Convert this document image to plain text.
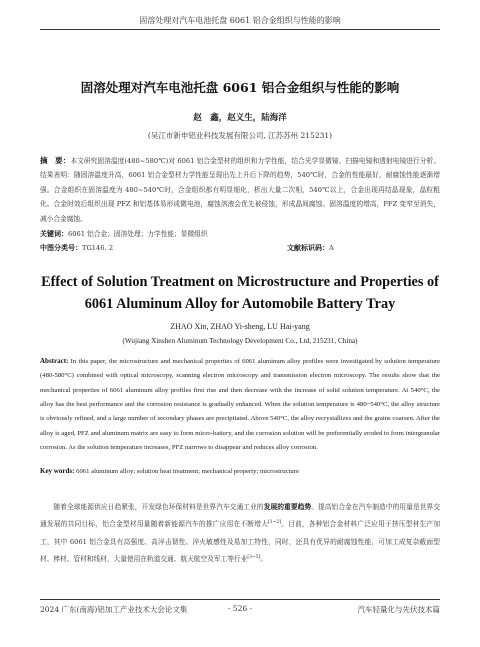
固溶处理对汽车电池托盘 6061 铝合金组织与性能的影响
固溶处理对汽车电池托盘 6061 铝合金组织与性能的影响
赵　鑫，赵义生，陆海洋
(吴江市新申铝业科技发展有限公司, 江苏苏州 215231)
摘　要：本文研究固溶温度(480~580℃)对 6061 铝合金型材的组织和力学性能，结合光学显微镜、扫描电镜和透射电镜进行分析。结果表明：随固溶温度升高，6061 铝合金型材力学性能呈现出先上升后下降的趋势，540℃时，合金的性能最好，耐腐蚀性能逐渐增强。合金组织在固溶温度为 480~540℃时，合金组织都有明显细化，析出大量二次相，540℃以上，合金出现再结晶现象，晶粒粗化。合金时效后组织出现 PFZ 和铝基体易形成微电池，腐蚀溶液会优先被侵蚀，形成晶间腐蚀。固溶温度的增高，PFZ 变窄至消失，减小合金腐蚀。
关键词：6061 铝合金；固溶处理；力学性能；显微组织
中图分类号：TG146. 2	文献标识码：A
Effect of Solution Treatment on Microstructure and Properties of 6061 Aluminum Alloy for Automobile Battery Tray
ZHAO Xin, ZHAO Yi-sheng, LU Hai-yang
(Wujiang Xinshen Aluminum Technology Development Co., Ltd, 215231, China)
Abstract: In this paper, the microstructure and mechanical properties of 6061 aluminum alloy profiles were investigated by solution temperature (480-580°C) combined with optical microscopy, scanning electron microscopy and transmission electron microscopy. The results show that the mechanical properties of 6061 aluminum alloy profiles first rise and then decrease with the increase of solid solution temperature. At 540°C, the alloy has the best performance and the corrosion resistance is gradually enhanced. When the solution temperature is 480~540°C, the alloy structure is obviously refined, and a large number of secondary phases are precipitated. Above 540°C, the alloy recrystallizes and the grains coarsen. After the alloy is aged, PFZ and aluminum matrix are easy to form micro-battery, and the corrosion solution will be preferentially eroded to form intergranular corrosion. As the solution temperature increases, PFZ narrows to disappear and reduces alloy corrosion.
Key words: 6061 aluminum alloy; solution heat treatment; mechanical property; microstructure
随着全球能源供应日趋紧张，开发绿色环保材料是世界汽车交通工业的发展的重要趋势。提高铝合金在汽车制造中的用量是世界交通发展的共同目标，铝合金型材用量随着新能源汽车的推广应用在不断增大[1~2]。目前，各种铝合金材料广泛应用于挤压型材生产加工，其中 6061 铝合金具有高强度、高淬击韧性、淬火敏感性及易加工特性，同时，还具有优异的耐腐蚀性能，可加工成复杂截面型材、棒材、管材和线材，大量使用在轨道交通、航天航空及军工等行业[3~5]。
2024 广东(南海)铝加工产业技术大会论文集	- 526 -	汽车轻量化与先伏技术篇
